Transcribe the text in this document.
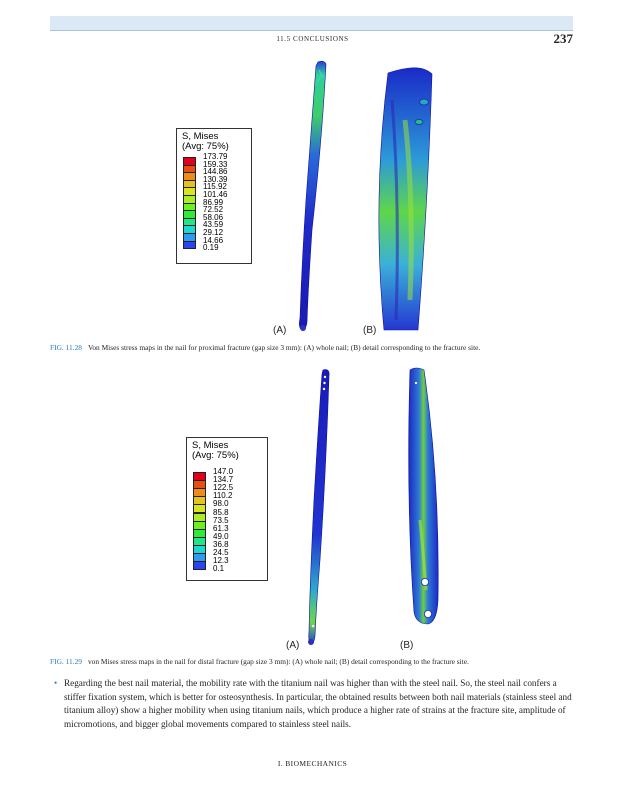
11.5 CONCLUSIONS	237
S, Mises
(Avg: 75%)
173.79
159.33
144.86
130.39
115.92
101.46
86.99
72.52
58.06
43.59
29.12
14.66
0.19
(A)	(B)
FIG. 11.28 Von Mises stress maps in the nail for proximal fracture (gap size 3 mm): (A) whole nail; (B) detail corresponding to the fracture site.
S, Mises
(Avg: 75%)
147.0
134.7
122.5
110.2
98.0
85.8
73.5
61.3
49.0
36.8
24.5
12.3
0.1
(A)	(B)
FIG. 11.29 von Mises stress maps in the nail for distal fracture (gap size 3 mm): (A) whole nail; (B) detail corresponding to the fracture site.
• Regarding the best nail material, the mobility rate with the titanium nail was higher than with the steel nail. So, the steel nail confers a stiffer fixation system, which is better for osteosynthesis. In particular, the obtained results between both nail materials (stainless steel and titanium alloy) show a higher mobility when using titanium nails, which produce a higher rate of strains at the fracture site, amplitude of micromotions, and bigger global movements compared to stainless steel nails.
I. BIOMECHANICS
